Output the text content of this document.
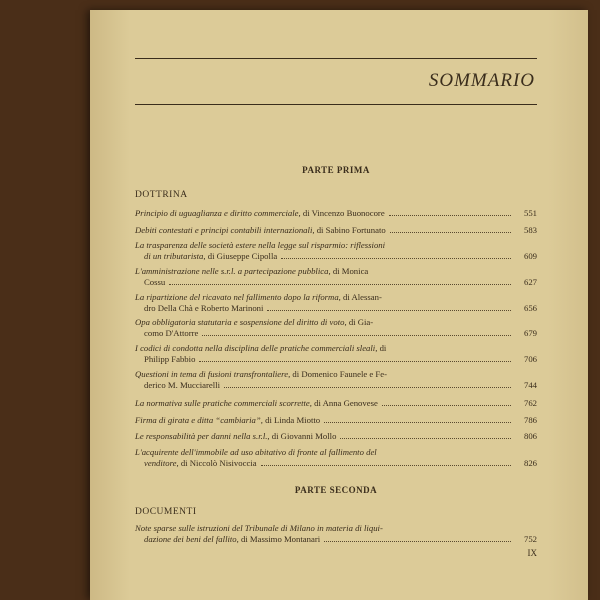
SOMMARIO
PARTE PRIMA
DOTTRINA
Principio di uguaglianza e diritto commerciale, di Vincenzo Buonocore	551
Debiti contestati e principi contabili internazionali, di Sabino Fortunato	583
La trasparenza delle società estere nella legge sul risparmio: riflessioni
di un tributarista, di Giuseppe Cipolla	609
L'amministrazione nelle s.r.l. a partecipazione pubblica, di Monica
Cossu	627
La ripartizione del ricavato nel fallimento dopo la riforma, di Alessan-
dro Della Chà e Roberto Marinoni	656
Opa obbligatoria statutaria e sospensione del diritto di voto, di Gia-
como D'Attorre	679
I codici di condotta nella disciplina delle pratiche commerciali sleali, di
Philipp Fabbio	706
Questioni in tema di fusioni transfrontaliere, di Domenico Faunele e Fe-
derico M. Mucciarelli	744
La normativa sulle pratiche commerciali scorrette, di Anna Genovese	762
Firma di girata e ditta “cambiaria”, di Linda Miotto	786
Le responsabilità per danni nella s.r.l., di Giovanni Mollo	806
L'acquirente dell'immobile ad uso abitativo di fronte al fallimento del
venditore, di Niccolò Nisivoccia	826
PARTE SECONDA
DOCUMENTI
Note sparse sulle istruzioni del Tribunale di Milano in materia di liqui-
dazione dei beni del fallito, di Massimo Montanari	752
IX
